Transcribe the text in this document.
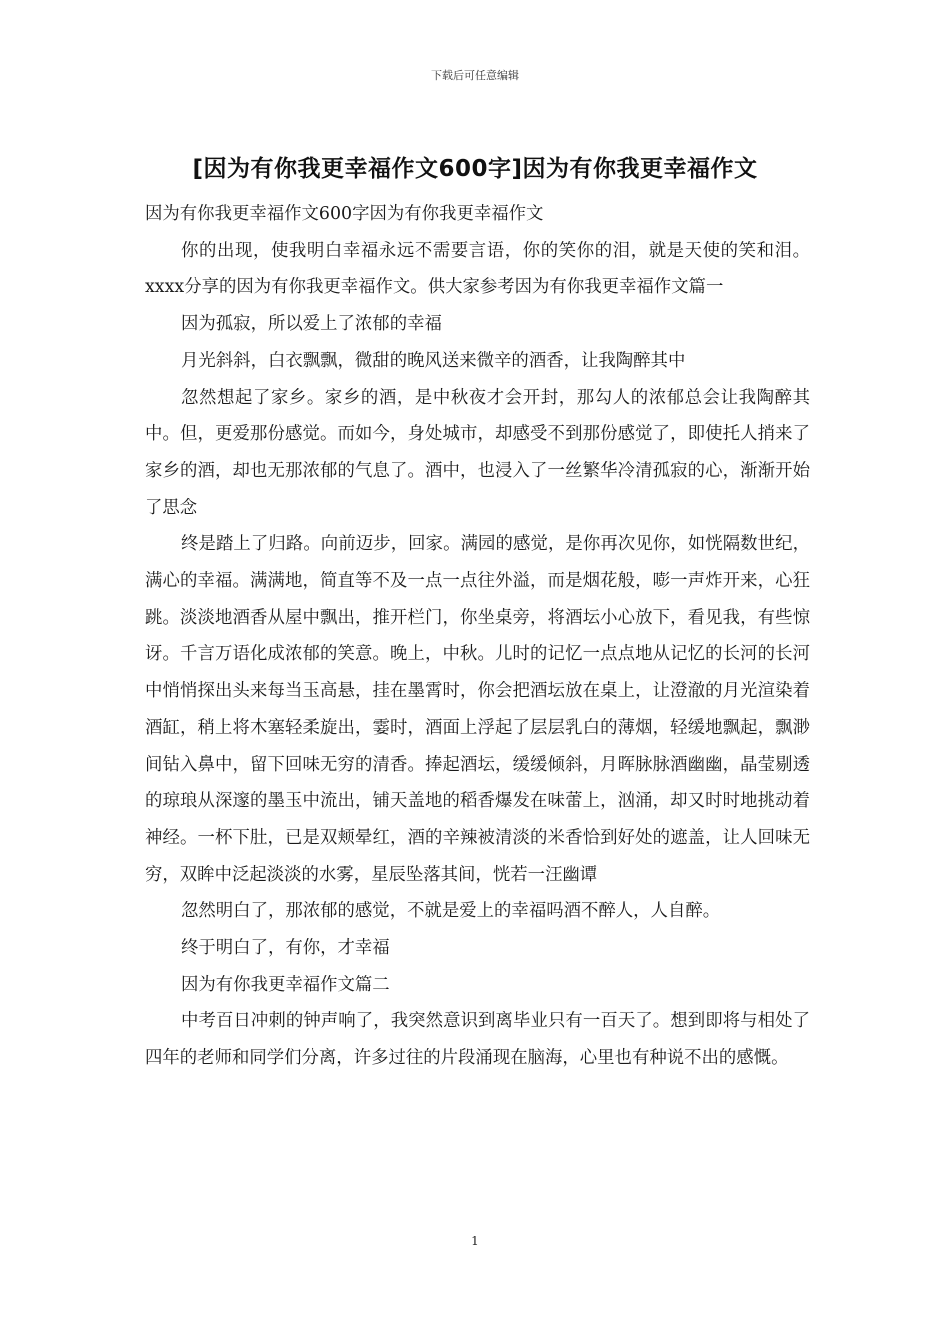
下载后可任意编辑
[因为有你我更幸福作文600字]因为有你我更幸福作文

因为有你我更幸福作文600字因为有你我更幸福作文

你的出现，使我明白幸福永远不需要言语，你的笑你的泪，就是天使的笑和泪。xxxx分享的因为有你我更幸福作文。供大家参考因为有你我更幸福作文篇一

因为孤寂，所以爱上了浓郁的幸福

月光斜斜，白衣飘飘，微甜的晚风送来微辛的酒香，让我陶醉其中

忽然想起了家乡。家乡的酒，是中秋夜才会开封，那勾人的浓郁总会让我陶醉其中。但，更爱那份感觉。而如今，身处城市，却感受不到那份感觉了，即使托人捎来了家乡的酒，却也无那浓郁的气息了。酒中，也浸入了一丝繁华冷清孤寂的心，渐渐开始了思念

终是踏上了归路。向前迈步，回家。满园的感觉，是你再次见你，如恍隔数世纪，满心的幸福。满满地，简直等不及一点一点往外溢，而是烟花般，嘭一声炸开来，心狂跳。淡淡地酒香从屋中飘出，推开栏门，你坐桌旁，将酒坛小心放下，看见我，有些惊讶。千言万语化成浓郁的笑意。晚上，中秋。儿时的记忆一点点地从记忆的长河的长河中悄悄探出头来每当玉高悬，挂在墨霄时，你会把酒坛放在桌上，让澄澈的月光渲染着酒缸，稍上将木塞轻柔旋出，霎时，酒面上浮起了层层乳白的薄烟，轻缓地飘起，飘渺间钻入鼻中，留下回味无穷的清香。捧起酒坛，缓缓倾斜，月晖脉脉酒幽幽，晶莹剔透的琼琅从深邃的墨玉中流出，铺天盖地的稻香爆发在味蕾上，汹涌，却又时时地挑动着神经。一杯下肚，已是双颊晕红，酒的辛辣被清淡的米香恰到好处的遮盖，让人回味无穷，双眸中泛起淡淡的水雾，星辰坠落其间，恍若一汪幽谭

忽然明白了，那浓郁的感觉，不就是爱上的幸福吗酒不醉人，人自醉。

终于明白了，有你，才幸福

因为有你我更幸福作文篇二

中考百日冲刺的钟声响了，我突然意识到离毕业只有一百天了。想到即将与相处了四年的老师和同学们分离，许多过往的片段涌现在脑海，心里也有种说不出的感慨。

1
